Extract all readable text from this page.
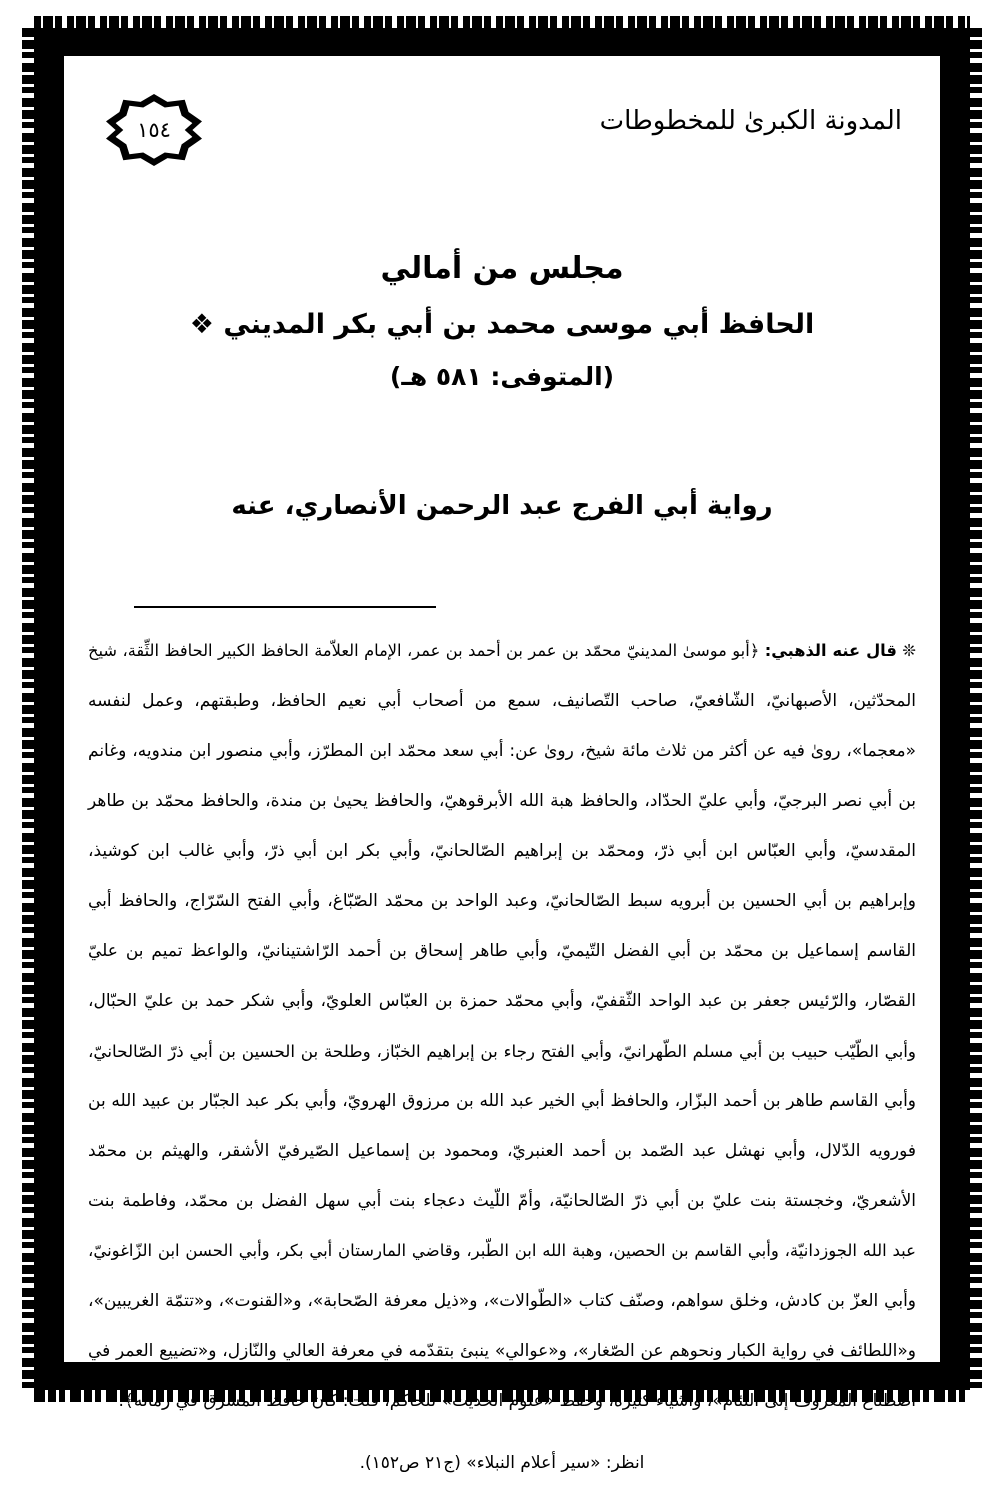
١٥٤	المدونة الكبرىٰ للمخطوطات
مجلس من أمالي
الحافظ أبي موسى محمد بن أبي بكر المديني ❖
(المتوفى: ٥٨١ هـ)
رواية أبي الفرج عبد الرحمن الأنصاري، عنه

❊ قال عنه الذهبي: ﴿أبو موسىٰ المدينيّ محمّد بن عمر بن أحمد بن عمر، الإمام العلاّمة الحافظ الكبير الحافظ الثِّقة، شيخ

المحدّثين، الأصبهانيّ، الشّافعيّ، صاحب التّصانيف، سمع من أصحاب أبي نعيم الحافظ، وطبقتهم، وعمل لنفسه

«معجما»، روىٰ فيه عن أكثر من ثلاث مائة شيخ، روىٰ عن: أبي سعد محمّد ابن المطرّز، وأبي منصور ابن مندويه، وغانم

بن أبي نصر البرجيّ، وأبي عليّ الحدّاد، والحافظ هبة الله الأبرقوهيّ، والحافظ يحيىٰ بن مندة، والحافظ محمّد بن طاهر

المقدسيّ، وأبي العبّاس ابن أبي ذرّ، ومحمّد بن إبراهيم الصّالحانيّ، وأبي بكر ابن أبي ذرّ، وأبي غالب ابن كوشيذ،

وإبراهيم بن أبي الحسين بن أبرويه سبط الصّالحانيّ، وعبد الواحد بن محمّد الصّبّاغ، وأبي الفتح السّرّاج، والحافظ أبي

القاسم إسماعيل بن محمّد بن أبي الفضل التّيميّ، وأبي طاهر إسحاق بن أحمد الرّاشتينانيّ، والواعظ تميم بن عليّ

القصّار، والرّئيس جعفر بن عبد الواحد الثّقفيّ، وأبي محمّد حمزة بن العبّاس العلويّ، وأبي شكر حمد بن عليّ الحبّال،

وأبي الطّيّب حبيب بن أبي مسلم الطّهرانيّ، وأبي الفتح رجاء بن إبراهيم الخبّاز، وطلحة بن الحسين بن أبي ذرّ الصّالحانيّ،

وأبي القاسم طاهر بن أحمد البزّار، والحافظ أبي الخير عبد الله بن مرزوق الهرويّ، وأبي بكر عبد الجبّار بن عبيد الله بن

فورويه الدّلال، وأبي نهشل عبد الصّمد بن أحمد العنبريّ، ومحمود بن إسماعيل الصّيرفيّ الأشقر، والهيثم بن محمّد

الأشعريّ، وخجستة بنت عليّ بن أبي ذرّ الصّالحانيّة، وأمّ اللّيث دعجاء بنت أبي سهل الفضل بن محمّد، وفاطمة بنت

عبد الله الجوزدانيّة، وأبي القاسم بن الحصين، وهبة الله ابن الطّبر، وقاضي المارستان أبي بكر، وأبي الحسن ابن الزّاغونيّ،

وأبي العزّ بن كادش، وخلق سواهم، وصنّف كتاب «الطّوالات»، و«ذيل معرفة الصّحابة»، و«القنوت»، و«تتمّة الغريبين»،

و«اللطائف في رواية الكبار ونحوهم عن الصّغار»، و«عوالي» ينبئ بتقدّمه في معرفة العالي والنّازل، و«تضييع العمر في

اصطناع المعروف إلىٰ اللئام»، وأشياء كثيرة، وحفظ «علوم الحديث» للحاكم، قلت: كان حافظ المشرق في زمانه﴾.

انظر: «سير أعلام النبلاء» (ج٢١ ص١٥٢).
